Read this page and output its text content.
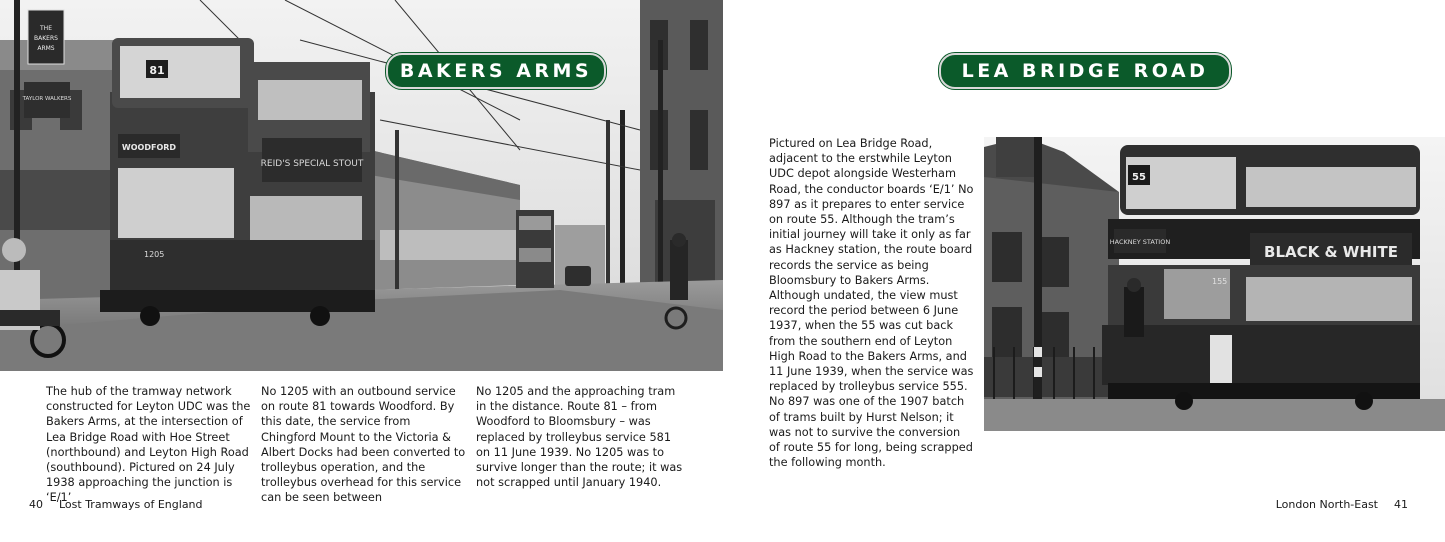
THE
BAKERS
ARMS
TAYLOR WALKERS
WOODFORD
81
REID'S SPECIAL STOUT
1205
55
HACKNEY STATION
BLACK & WHITE
155
BAKERS ARMS	LEA BRIDGE ROAD
The hub of the tramway network constructed for Leyton UDC was the Bakers Arms, at the intersection of Lea Bridge Road with Hoe Street (northbound) and Leyton High Road (southbound). Pictured on 24 July 1938 approaching the junction is ‘E/1’
No 1205 with an outbound service on route 81 towards Woodford. By this date, the service from Chingford Mount to the Victoria & Albert Docks had been converted to trolleybus operation, and the trolleybus overhead for this service can be seen between
No 1205 and the approaching tram in the distance. Route 81 – from Woodford to Bloomsbury – was replaced by trolleybus service 581 on 11 June 1939. No 1205 was to survive longer than the route; it was not scrapped until January 1940.
Pictured on Lea Bridge Road, adjacent to the erstwhile Leyton UDC depot alongside Westerham Road, the conductor boards ‘E/1’ No 897 as it prepares to enter service on route 55. Although the tram’s initial journey will take it only as far as Hackney station, the route board records the service as being Bloomsbury to Bakers Arms. Although undated, the view must record the period between 6 June 1937, when the 55 was cut back from the southern end of Leyton High Road to the Bakers Arms, and 11 June 1939, when the service was replaced by trolleybus service 555. No 897 was one of the 1907 batch of trams built by Hurst Nelson; it was not to survive the conversion of route 55 for long, being scrapped the following month.
40 Lost Tramways of England	London North-East 41
